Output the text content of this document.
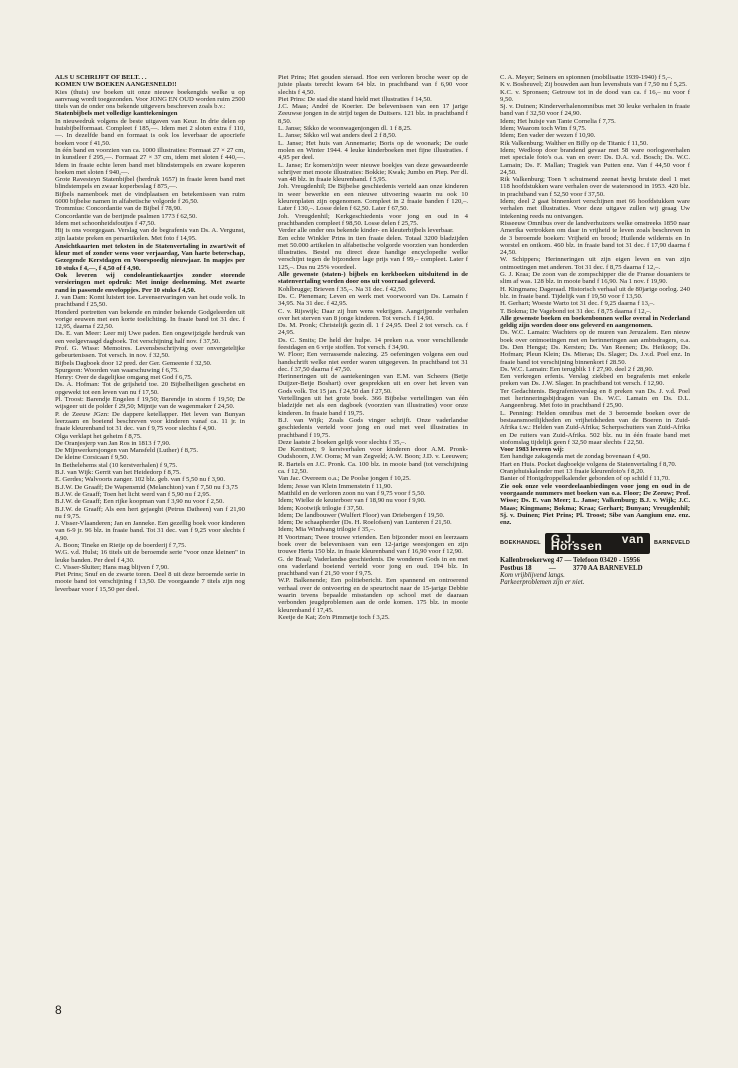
ALS U SCHRIJFT OF BELT. . .

KOMEN UW BOEKEN AANGESNELD!!

Kies (thuis) uw boeken uit onze nieuwe boekengids welke u op aanvraag wordt toegezonden. Voor JONG EN OUD worden ruim 2500 titels van de onder ons bekende uitgevers beschreven zoals b.v.:

Statenbijbels met volledige kanttekeningen

In nieuwedruk volgens de beste uitgaven van Keur. In drie delen op huisbijbelformaat. Compleet f 185,—. Idem met 2 sloten extra f 110,—. In dezelfde band en formaat is ook los leverbaar de apocriefe boeken voor f 41,50.

In één band en voorzien van ca. 1000 illustraties: Formaat 27 × 27 cm, in kunstleer f 295,—. Formaat 27 × 37 cm, idem met sloten f 440,—. Idem in fraaie echte leren band met blindstempels en zware koperen hoeken met sloten f 940,—.

Grote Ravesteyn Statenbijbel (herdruk 1657) in fraaie leren band met blindstempels en zwaar koperbeslag f 875,—.

Bijbels namenboek met de vindplaatsen en betekenissen van ruim 6000 bijbelse namen in alfabetische volgorde f 26,50.

Trommius: Concordantie van de Bijbel f 78,90.

Concordantie van de berijmde psalmen 1773 f 62,50.

Idem met schoonheidsfoutjes f 47,50.

Hij is ons voorgegaan. Verslag van de begrafenis van Ds. A. Vergunst, zijn laatste preken en persartikelen. Met foto f 14,95.

Ansichtkaarten met teksten in de Statenvertaling in zwart/wit of kleur met of zonder wens voor verjaardag, Van harte beterschap, Gezegende Kerstdagen en Voorspoedig nieuwjaar. In mapjes per 10 stuks f 4,—, f 4,50 of f 4,90.

Ook leveren wij condoleantiekaartjes zonder storende versieringen met opdruk: Met innige deelneming. Met zwarte rand in passende enveloppjes. Per 10 stuks f 4,50.

J. van Dam: Komt luistert toe. Levenservaringen van het oude volk. In prachtband f 25,50.

Honderd portretten van bekende en minder bekende Godgeleerden uit vorige eeuwen met een korte toelichting. In fraaie band tot 31 dec. f 12,95, daarna f 22,50.

Ds. E. van Meer: Leer mij Uwe paden. Een ongewijzigde herdruk van een veelgevraagd dagboek. Tot verschijning half nov. f 37,50.

Prof. G. Wisse: Memoires. Levensbeschrijving over onvergetelijke gebeurtenissen. Tot versch. in nov. f 32,50.

Bijbels Dagboek door 12 pred. der Ger. Gemeente f 32,50.

Spurgeon: Woorden van waarschuwing f 6,75.

Henry: Over de dagelijkse omgang met God f 6,75.

Ds. A. Hofman: Tot de grijsheid toe. 20 Bijbelheiligen geschetst en opgewekt tot een leven van nu f 17,50.

Pl. Troost: Barendje Engelen f 19,50; Barendje in storm f 19,50; De wijsgeer uit de polder f 29,50; Mijntje van de wagenmaker f 24,50.

P. de Zeeuw JGzn: De dappere ketellapper. Het leven van Bunyan leerzaam en boeiend beschreven voor kinderen vanaf ca. 11 jr. in fraaie kleurenband tot 31 dec. van f 9,75 voor slechts f 4,90.

Olga verklapt het geheim f 8,75.

De Oranjesjerp van Jan Ros in 1813 f 7,90.

De Mijnwerkersjongen van Mansfeld (Luther) f 8,75.

De kleine Corsicaan f 9,50.

In Bethelehems stal (10 kerstverhalen) f 9,75.

B.J. van Wijk: Gerrit van het Heidedorp f 8,75.

E. Gerdes; Walvoorts zanger. 102 blz. geb. van f 5,50 nu f 3,90.

B.J.W. De Graaff; De Wapensmid (Melanchton) van f 7,50 nu f 3,75

B.J.W. de Graaff; Toen het licht werd van f 5,90 nu f 2,95.

B.J.W. de Graaff; Een rijke koopman van f 3,90 nu voor f 2,50.

B.J.W. de Graaff; Als een hert gejaeght (Petrus Datheen) van f 21,90 nu f 9,75.

J. Visser-Vlaanderen; Jan en Janneke. Een gezellig boek voor kinderen van 6-9 jr. 96 blz. in fraaie band. Tot 31 dec. van f 9,25 voor slechts f 4,90.

A. Boon; Tineke en Rietje op de boerderij f 7,75.

W.G. v.d. Hulst; 16 titels uit de beroemde serie "voor onze kleinen" in leuke banden. Per deel f 4,30.

C. Visser-Sluiter; Hans mag blijven f 7,90.

Piet Prins; Snuf en de zwarte toren. Deel 8 uit deze beroemde serie in mooie band tot verschijning f 13,50. De voorgaande 7 titels zijn nog leverbaar voor f 15,50 per deel.

Piet Prins; Het gouden sieraad. Hoe een verloren broche weer op de juiste plaats terecht kwam 64 blz. in prachtband van f 6,90 voor slechts f 4,50.

Piet Prins: De stad die stand hield met illustraties f 14,50.

J.C. Maas; André de Koerier. De belevenissen van een 17 jarige Zeeuwse jongen in de strijd tegen de Duitsers. 121 blz. in prachtband f 8,50.

L. Janse; Sikko de woonwagenjongen dl. 1 f 8,25.

L. Janse; Sikko wil wat anders deel 2 f 8,50.

L. Janse; Het huis van Annemarie; Boris op de woonark; De oude molen en Winter 1944. 4 leuke kinderboeken met fijne illustraties. f 4,95 per deel.

L. Janse; Er komen/zijn weer nieuwe boekjes van deze gewaardeerde schrijver met mooie illustraties: Bokkie; Kwak; Jumbo en Piep. Per dl. van 48 blz. in fraaie kleurenband. f 5,95.

Joh. Vreugdenhil; De Bijbelse geschiedenis verteld aan onze kinderen in weer bewerkte en een nieuwe uitvoering waarin nu ook 10 kleurenplaten zijn opgenomen. Compleet in 2 fraaie banden f 120,–. Later f 130,–. Losse delen f 62,50. Later f 67,50.

Joh. Vreugdenhil; Kerkgeschiedenis voor jong en oud in 4 prachtbanden compleet f 98,50. Losse delen f 25,75.

Verder alle onder ons bekende kinder- en kleuterbijbels leverbaar.

Een echte Winkler Prins in tien fraaie delen. Totaal 3200 bladzijden met 50.000 artikelen in alfabetische volgorde voorzien van honderden illustraties. Bestel nu direct deze handige encyclopedie welke verschijnt tegen de bijzondere lage prijs van f 99,– compleet. Later f 125,–. Dus nu 25% voordeel.

Alle gewenste (staten-) bijbels en kerkboeken uitsluitend in de statenvertaling worden door ons uit voorraad geleverd.

Kohlbrugge; Brieven f 35,–. Na 31 dec. f 42,50.

Ds. C. Pieneman; Leven en werk met voorwoord van Ds. Lamain f 34,95. Na 31 dec. f 42,95.

C. v. Rijswijk; Daar zij hun wens vekrijgen. Aangrijpende verhalen over het sterven van 8 jonge kinderen. Tot versch. f 14,90.

Ds. M. Pronk; Christelijk gezin dl. 1 f 24,95. Deel 2 tot versch. ca. f 24,95.

Ds. C. Smits; De held der hulpe. 14 preken o.a. voor verschillende feestdagen en 6 vrije stoffen. Tot versch. f 34,90.

W. Floor; Een verrassende nalezing. 25 oefeningen volgens een oud handschrift welke niet eerder waren uitgegeven. In prachtband tot 31 dec. f 37,50 daarna f 47,50.

Herinneringen uit de aantekeningen van E.M. van Scheers (Betje Duijzer-Betje Boshart) over gesprekken uit en over het leven van Gods volk. Tot 15 jan. f 24,50 dan f 27,50.

Vertellingen uit het grote boek. 366 Bijbelse vertellingen van één bladzijde net als een dagboek (voorzien van illustraties) voor onze kinderen. In fraaie band f 19,75.

B.J. van Wijk; Zoals Gods vinger schrijft. Onze vaderlandse geschiedenis verteld voor jong en oud met veel illustraties in prachtband f 19,75.

Deze laatste 2 boeken gelijk voor slechts f 35,–.

De Kersttoet; 9 kerstverhalen voor kinderen door A.M. Pronk-Oudshoorn, J.W. Ooms; M van Zegveld; A.W. Boon; J.D. v. Leeuwen; R. Bartels en J.C. Pronk. Ca. 100 blz. in mooie band (tot verschijning ca. f 12,50.

Van Jac. Overeem o.a.; De Poolse jongen f 10,25.

Idem; Jesse van Klein Immenstein f 11,90.

Matthild en de verloren zoon nu van f 9,75 voor f 5,50.

Idem; Wielke de keuterboer van f 18,90 nu voor f 9,90.

Idem; Kootwijk trilogie f 37,50.

Idem; De landbouwer (Wulfert Floor) van Driebergen f 19,50.

Idem; De schaapherder (Ds. H. Roelofsen) van Lunteren f 21,50.

Idem; Mia Windvang trilogie f 35,–.

H Voortman; Twee trouwe vrienden. Een bijzonder mooi en leerzaam boek over de belevenissen van een 12-jarige weesjongen en zijn trouwe Herta 150 blz. in fraaie kleurenband van f 16,90 voor f 12,90.

G. de Braal; Vaderlandse geschiedenis. De wonderen Gods in en met ons vaderland boeiend verteld voor jong en oud. 194 blz. In prachtband van f 21,50 voor f 9,75.

W.P. Balkenende; Een politiebericht. Een spannend en ontroerend verhaal over de ontvoering en de speurtocht naar de 15-jarige Debbie waarin tevens bepaalde misstanden op school met de daaraan verbonden jeugdproblemen aan de orde komen. 175 blz. in mooie kleurenband f 17,45.

Keetje de Kat; Zo'n Pimmetje toch f 3,25.

C. A. Meyer; Seiners en spionnen (mobilisatie 1939-1940) f 5,–.

K v. Bosheuvel; Zij bouwden aan hun levenshuis van f 7,50 nu f 5,25.

K.C. v. Spronsen; Getrouw tot in de dood van ca. f 16,– nu voor f 9,50.

Sj. v. Duinen; Kinderverhalenomnibus met 30 leuke verhalen in fraaie band van f 32,50 voor f 24,90.

Idem; Het huisje van Tante Cornelia f 7,75.

Idem; Waarom toch Wim f 9,75.

Idem; Een vader der wezen f 10,90.

Rik Valkenburg; Walther en Billy op de Titanic f 11,50.

Idem; Wedloop door brandend gevaar met 58 ware oorlogsverhalen met speciale foto's o.a. van en over: Ds. D.A. v.d. Bosch; Ds. W.C. Lamain; Ds. F. Mallan; Tragiek van Putten enz. Van f 44,50 voor f 24,50.

Rik Valkenburg; Toen 't schuimend zeenat hevig bruiste deel 1 met 118 hoofdstukken ware verhalen over de watersnood in 1953. 420 blz. in prachtband van f 52,50 voor f 37,50.

Idem; deel 2 gaat binnenkort verschijnen met 66 hoofdstukken ware verhalen met illustraties. Voor deze uitgave zullen wij graag Uw intekening reeds nu ontvangen.

Risseeuw Omnibus over de landverhuizers welke omstreeks 1850 naar Amerika vertrokken om daar in vrijheid te leven zoals beschreven in de 3 beroemde boeken: Vrijheid en brood; Huilende wildernis en In worstel en ontkom. 460 blz. in fraaie band tot 31 dec. f 17,90 daarna f 24,50.

W. Schippers; Herinneringen uit zijn eigen leven en van zijn ontmoetingen met anderen. Tot 31 dec. f 8,75 daarna f 12,–.

G. J. Kraa; De zoon van de zompschipper die de Franse douaniers te slim af was. 128 blz. in mooie band f 16,90. Na 1 nov. f 19,90.

H. Kingmans; Dageraad. Historisch verhaal uit de 80jarige oorlog. 240 blz. in fraaie band. Tijdelijk van f 19,50 voor f 13,50.

H. Gerhart; Woeste Warto tot 31 dec. f 9,25 daarna f 13,–.

T. Bokma; De Vagebond tot 31 dec. f 8,75 daarna f 12,–.

Alle gewenste boeken en boekenbonnen welke overal in Nederland geldig zijn worden door ons geleverd en aangenomen.

Ds. W.C. Lamain: Wachters op de muren van Jeruzalem. Een nieuw boek over ontmoetingen met en herinneringen aan ambtsdragers, o.a. Ds. Den Hengst; Ds. Kersten; Ds. Van Reenen; Ds. Heikoop; Ds. Hofman; Pleun Klein; Ds. Mieras; Ds. Slager; Ds. J.v.d. Poel enz. In fraaie band tot verschijning binnenkort f 28.50.

Ds. W.C. Lamain: Een terugblik 1 f 27,90. deel 2 f 28,90.

Een verkregen erfenis. Verslag ziekbed en begrafenis met enkele preken van Ds. J.W. Slager. In prachtband tot versch. f 12,90.

Ter Gedachtenis. Begrafenisverslag en 8 preken van Ds. J. v.d. Poel met herinneringsbijdragen van Ds. W.C. Lamain en Ds. D.L. Aangeenbrug. Met foto in prachtband f 25,90.

L. Penning: Helden omnibus met de 3 beroemde boeken over de bestaansmoeilijkheden en vrijheidsheden van de Boeren in Zuid-Afrika t.w.: Helden van Zuid-Afrika; Scherpschutters van Zuid-Afrika en De ruiters van Zuid-Afrika. 502 blz. nu in één fraaie band met stofomslag tijdelijk geen f 32,50 maar slechts f 22,50.

Voor 1983 leveren wij:

Een handige zakagenda met de zondag bovenaan f 4,90.

Hart en Huis. Pocket dagboekje volgens de Statenvertaling f 8,70.

Oranjehuiskalender met 13 fraaie kleurenfoto's f 8,20.

Banier of Honigdroppelkalender gebonden of op schild f 11,70.

Zie ook onze vele voordeelaanbiedingen voor jong en oud in de voorgaande nummers met boeken van o.a. Floor; De Zeeuw; Prof. Wisse; Ds. E. van Meer; L. Janse; Valkenburg; B.J. v. Wijk; J.C. Maas; Kingmans; Bokma; Kraa; Gerhart; Bunyan; Vreugdenhil; Sj. v. Duinen; Piet Prins; Pl. Troost; Sibe van Aangium enz. enz. enz.

BOEKHANDEL G.J. van Horssen	BARNEVELD
Kallenbroekerweg 47 — Telefoon 03420 - 15956
Postbus 18          —          3770 AA BARNEVELD
Kom vrijblijvend langs.
Parkeerproblemen zijn er niet.
8
